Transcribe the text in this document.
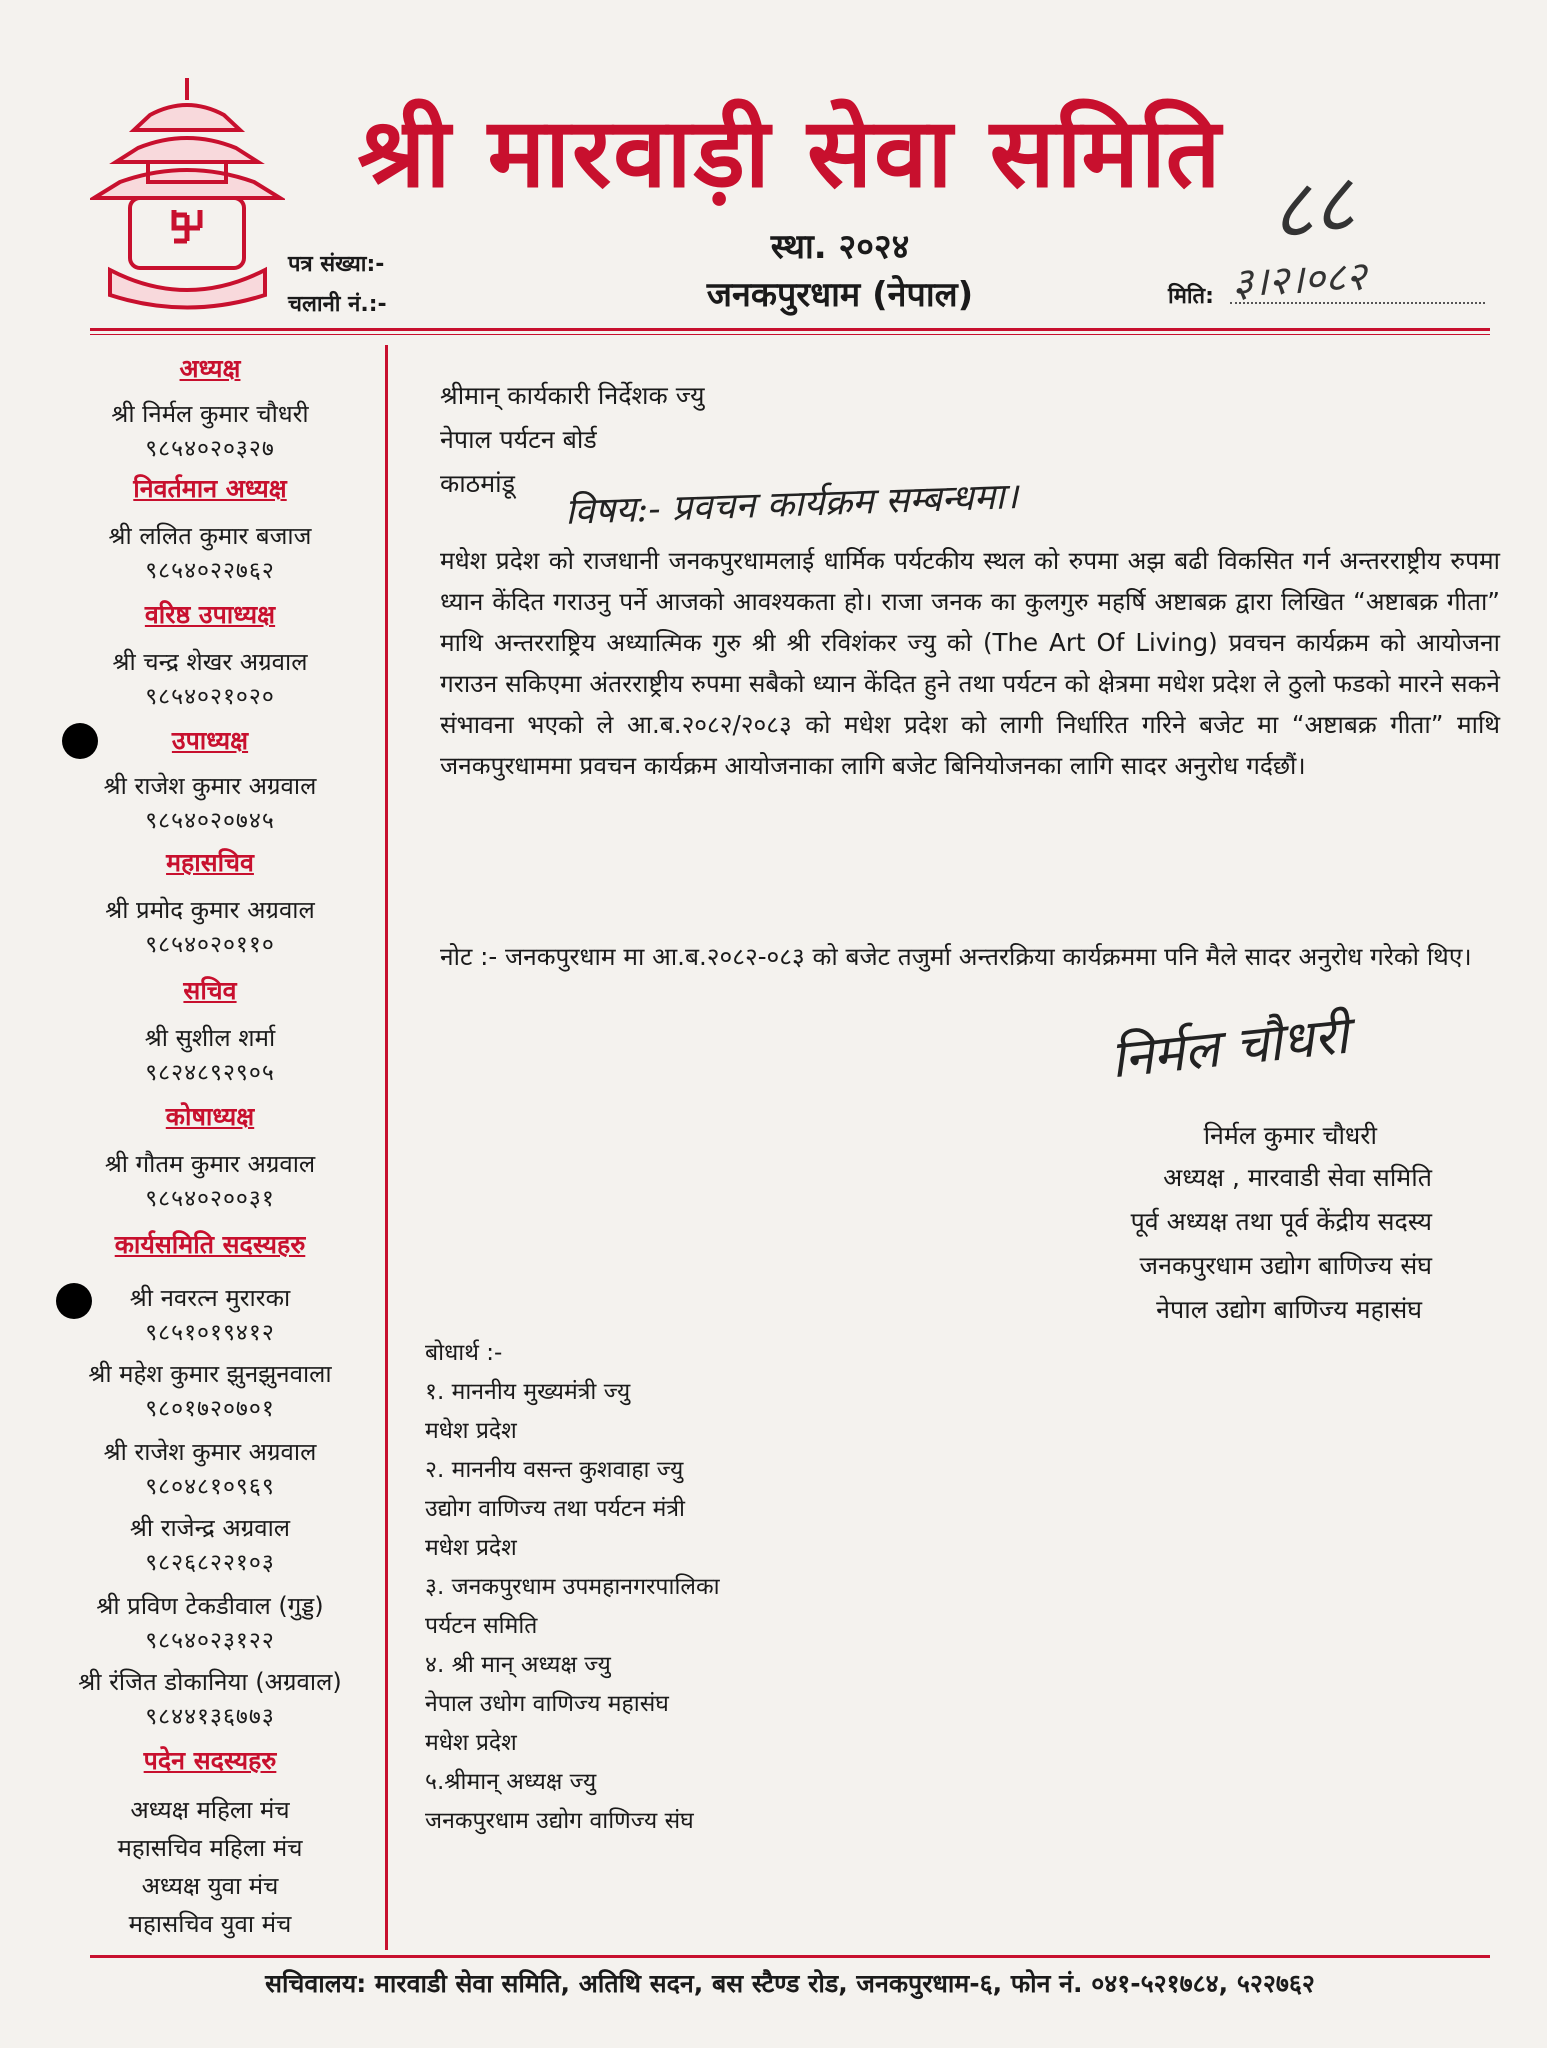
श्री मारवाड़ी सेवा समिति
स्था. २०२४
जनकपुरधाम (नेपाल)
पत्र संख्या:-
चलानी नं.:-	मिति: ३।२।०८२
८८
अध्यक्ष
श्री निर्मल कुमार चौधरी
९८५४०२०३२७
निवर्तमान अध्यक्ष
श्री ललित कुमार बजाज
९८५४०२२७६२
वरिष्ठ उपाध्यक्ष
श्री चन्द्र शेखर अग्रवाल
९८५४०२१०२०
उपाध्यक्ष
श्री राजेश कुमार अग्रवाल
९८५४०२०७४५
महासचिव
श्री प्रमोद कुमार अग्रवाल
९८५४०२०११०
सचिव
श्री सुशील शर्मा
९८२४८९२९०५
कोषाध्यक्ष
श्री गौतम कुमार अग्रवाल
९८५४०२००३१
कार्यसमिति सदस्यहरु
श्री नवरत्न मुरारका
९८५१०१९४१२
श्री महेश कुमार झुनझुनवाला
९८०१७२०७०१
श्री राजेश कुमार अग्रवाल
९८०४८१०९६९
श्री राजेन्द्र अग्रवाल
९८२६८२२१०३
श्री प्रविण टेकडीवाल (गुड्ड)
९८५४०२३१२२
श्री रंजित डोकानिया (अग्रवाल)
९८४४१३६७७३
पदेन सदस्यहरु
अध्यक्ष महिला मंच
महासचिव महिला मंच
अध्यक्ष युवा मंच
महासचिव युवा मंच
श्रीमान् कार्यकारी निर्देशक ज्यु
नेपाल पर्यटन बोर्ड
काठमांडू विषय:- प्रवचन कार्यक्रम सम्बन्धमा।
मधेश प्रदेश को राजधानी जनकपुरधामलाई धार्मिक पर्यटकीय स्थल को रुपमा अझ बढी विकसित गर्न अन्तरराष्ट्रीय रुपमा ध्यान केंदित गराउनु पर्ने आजको आवश्यकता हो। राजा जनक का कुलगुरु महर्षि अष्टाबक्र द्वारा लिखित “अष्टाबक्र गीता” माथि अन्तरराष्ट्रिय अध्यात्मिक गुरु श्री श्री रविशंकर ज्यु को (The Art Of Living) प्रवचन कार्यक्रम को आयोजना गराउन सकिएमा अंतरराष्ट्रीय रुपमा सबैको ध्यान केंदित हुने तथा पर्यटन को क्षेत्रमा मधेश प्रदेश ले ठुलो फडको मारने सकने संभावना भएको ले आ.ब.२०८२/२०८३ को मधेश प्रदेश को लागी निर्धारित गरिने बजेट मा “अष्टाबक्र गीता” माथि जनकपुरधाममा प्रवचन कार्यक्रम आयोजनाका लागि बजेट बिनियोजनका लागि सादर अनुरोध गर्दछौं।
नोट :- जनकपुरधाम मा आ.ब.२०८२-०८३ को बजेट तजुर्मा अन्तरक्रिया कार्यक्रममा पनि मैले सादर अनुरोध गरेको थिए।
निर्मल चौधरी
निर्मल कुमार चौधरी
अध्यक्ष , मारवाडी सेवा समिति
पूर्व अध्यक्ष तथा पूर्व केंद्रीय सदस्य
जनकपुरधाम उद्योग बाणिज्य संघ
नेपाल उद्योग बाणिज्य महासंघ
बोधार्थ :-
१. माननीय मुख्यमंत्री ज्यु
मधेश प्रदेश
२. माननीय वसन्त कुशवाहा ज्यु
उद्योग वाणिज्य तथा पर्यटन मंत्री
मधेश प्रदेश
३. जनकपुरधाम उपमहानगरपालिका
पर्यटन समिति
४. श्री मान् अध्यक्ष ज्यु
नेपाल उधोग वाणिज्य महासंघ
मधेश प्रदेश
५.श्रीमान् अध्यक्ष ज्यु
जनकपुरधाम उद्योग वाणिज्य संघ
सचिवालय: मारवाडी सेवा समिति, अतिथि सदन, बस स्टैण्ड रोड, जनकपुरधाम-६, फोन नं. ०४१-५२१७८४, ५२२७६२
